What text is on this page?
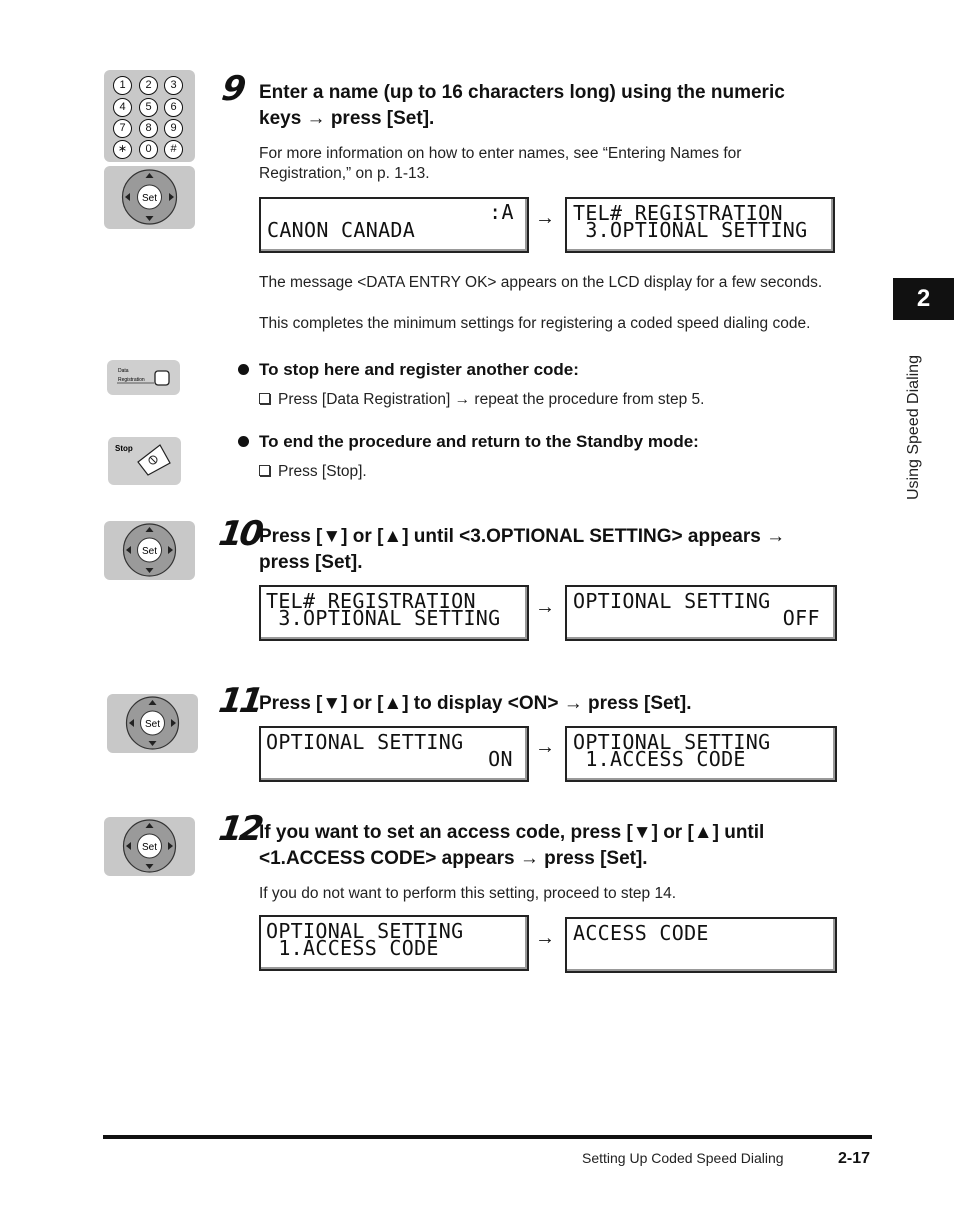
2
Using Speed Dialing
1	2	3
4	5	6
7	8	9
∗	0	#
Set
9 Enter a name (up to 16 characters long) using the numeric
keys → press [Set].
For more information on how to enter names, see “Entering Names for
Registration,” on p. 1-13.
:A
CANON CANADA	→ TEL# REGISTRATION
3.OPTIONAL SETTING
The message <DATA ENTRY OK> appears on the LCD display for a few seconds.
This completes the minimum settings for registering a coded speed dialing code.
Data
Registration
To stop here and register another code:
Press [Data Registration] → repeat the procedure from step 5.
Stop	To end the procedure and return to the Standby mode:
Press [Stop].
Set 10
Press [▼] or [▲] until <3.OPTIONAL SETTING> appears →
press [Set].
TEL# REGISTRATION
3.OPTIONAL SETTING → OPTIONAL SETTING
OFF
Set
11
Press [▼] or [▲] to display <ON> → press [Set].
OPTIONAL SETTING
ON → OPTIONAL SETTING
1.ACCESS CODE
Set 12
If you want to set an access code, press [▼] or [▲] until
<1.ACCESS CODE> appears → press [Set].
If you do not want to perform this setting, proceed to step 14.
OPTIONAL SETTING
1.ACCESS CODE	→ ACCESS CODE
Setting Up Coded Speed Dialing	2-17
